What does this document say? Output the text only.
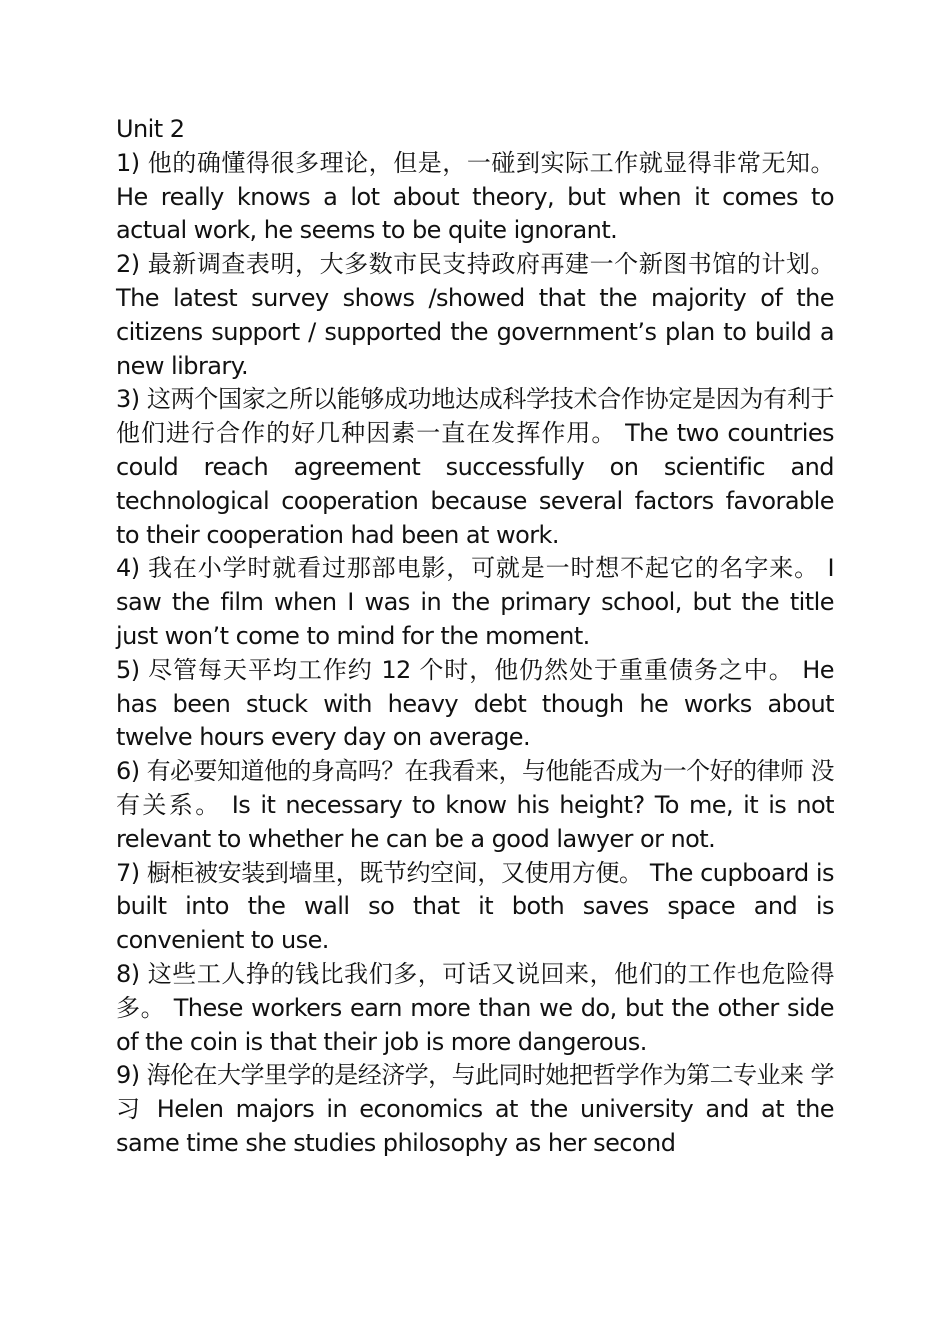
Unit 2

1) 他的确懂得很多理论，但是，一碰到实际工作就显得非常无知。 He really knows a lot about theory, but when it comes to actual work, he seems to be quite ignorant.

2) 最新调查表明，大多数市民支持政府再建一个新图书馆的计划。 The latest survey shows /showed that the majority of the citizens support / supported the government’s plan to build a new library.

3) 这两个国家之所以能够成功地达成科学技术合作协定是因为有利于他们进行合作的好几种因素一直在发挥作用。 The two countries could reach agreement successfully on scientific and technological cooperation because several factors favorable to their cooperation had been at work.

4) 我在小学时就看过那部电影，可就是一时想不起它的名字来。 I saw the film when I was in the primary school, but the title just won’t come to mind for the moment.

5) 尽管每天平均工作约 12 个时，他仍然处于重重债务之中。 He has been stuck with heavy debt though he works about twelve hours every day on average.

6) 有必要知道他的身高吗？在我看来，与他能否成为一个好的律师 没有关系。 Is it necessary to know his height? To me, it is not relevant to whether he can be a good lawyer or not.

7) 橱柜被安装到墙里，既节约空间，又使用方便。 The cupboard is built into the wall so that it both saves space and is convenient to use.

8) 这些工人挣的钱比我们多，可话又说回来，他们的工作也危险得 多。 These workers earn more than we do, but the other side of the coin is that their job is more dangerous.

9) 海伦在大学里学的是经济学，与此同时她把哲学作为第二专业来 学习 Helen majors in economics at the university and at the same time she studies philosophy as her second
